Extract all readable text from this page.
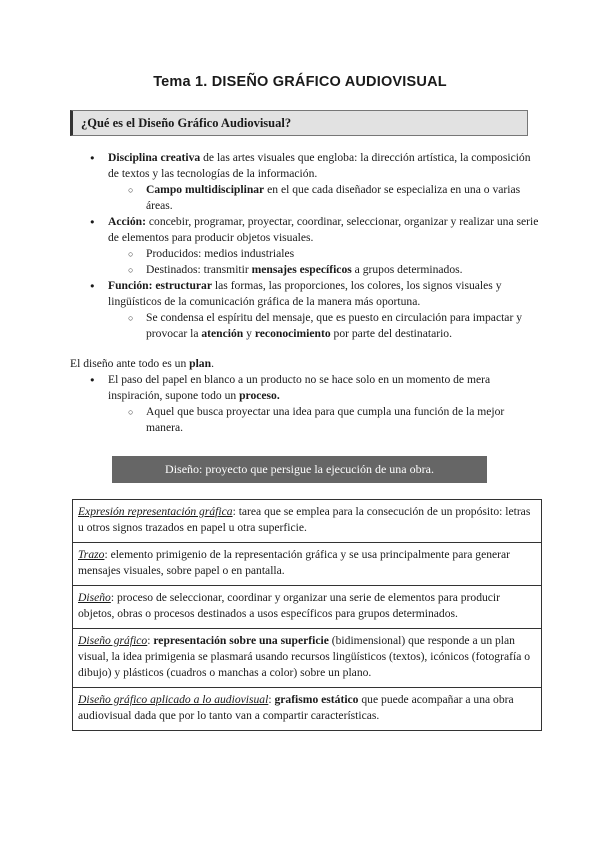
Tema 1. DISEÑO GRÁFICO AUDIOVISUAL
¿Qué es el Diseño Gráfico Audiovisual?
● Disciplina creativa de las artes visuales que engloba: la dirección artística, la composición de textos y las tecnologías de la información.
○ Campo multidisciplinar en el que cada diseñador se especializa en una o varias áreas.
● Acción: concebir, programar, proyectar, coordinar, seleccionar, organizar y realizar una serie de elementos para producir objetos visuales.
○ Producidos: medios industriales
○ Destinados: transmitir mensajes específicos a grupos determinados.
● Función: estructurar las formas, las proporciones, los colores, los signos visuales y lingüísticos de la comunicación gráfica de la manera más oportuna.
○ Se condensa el espíritu del mensaje, que es puesto en circulación para impactar y provocar la atención y reconocimiento por parte del destinatario.
El diseño ante todo es un plan.
● El paso del papel en blanco a un producto no se hace solo en un momento de mera inspiración, supone todo un proceso.
○ Aquel que busca proyectar una idea para que cumpla una función de la mejor manera.
Diseño: proyecto que persigue la ejecución de una obra.
Expresión representación gráfica: tarea que se emplea para la consecución de un propósito: letras u otros signos trazados en papel u otra superficie.
Trazo: elemento primigenio de la representación gráfica y se usa principalmente para generar mensajes visuales, sobre papel o en pantalla.
Diseño: proceso de seleccionar, coordinar y organizar una serie de elementos para producir objetos, obras o procesos destinados a usos específicos para grupos determinados.
Diseño gráfico: representación sobre una superficie (bidimensional) que responde a un plan visual, la idea primigenia se plasmará usando recursos lingüísticos (textos), icónicos (fotografía o dibujo) y plásticos (cuadros o manchas a color) sobre un plano.
Diseño gráfico aplicado a lo audiovisual: grafismo estático que puede acompañar a una obra audiovisual dada que por lo tanto van a compartir características.
